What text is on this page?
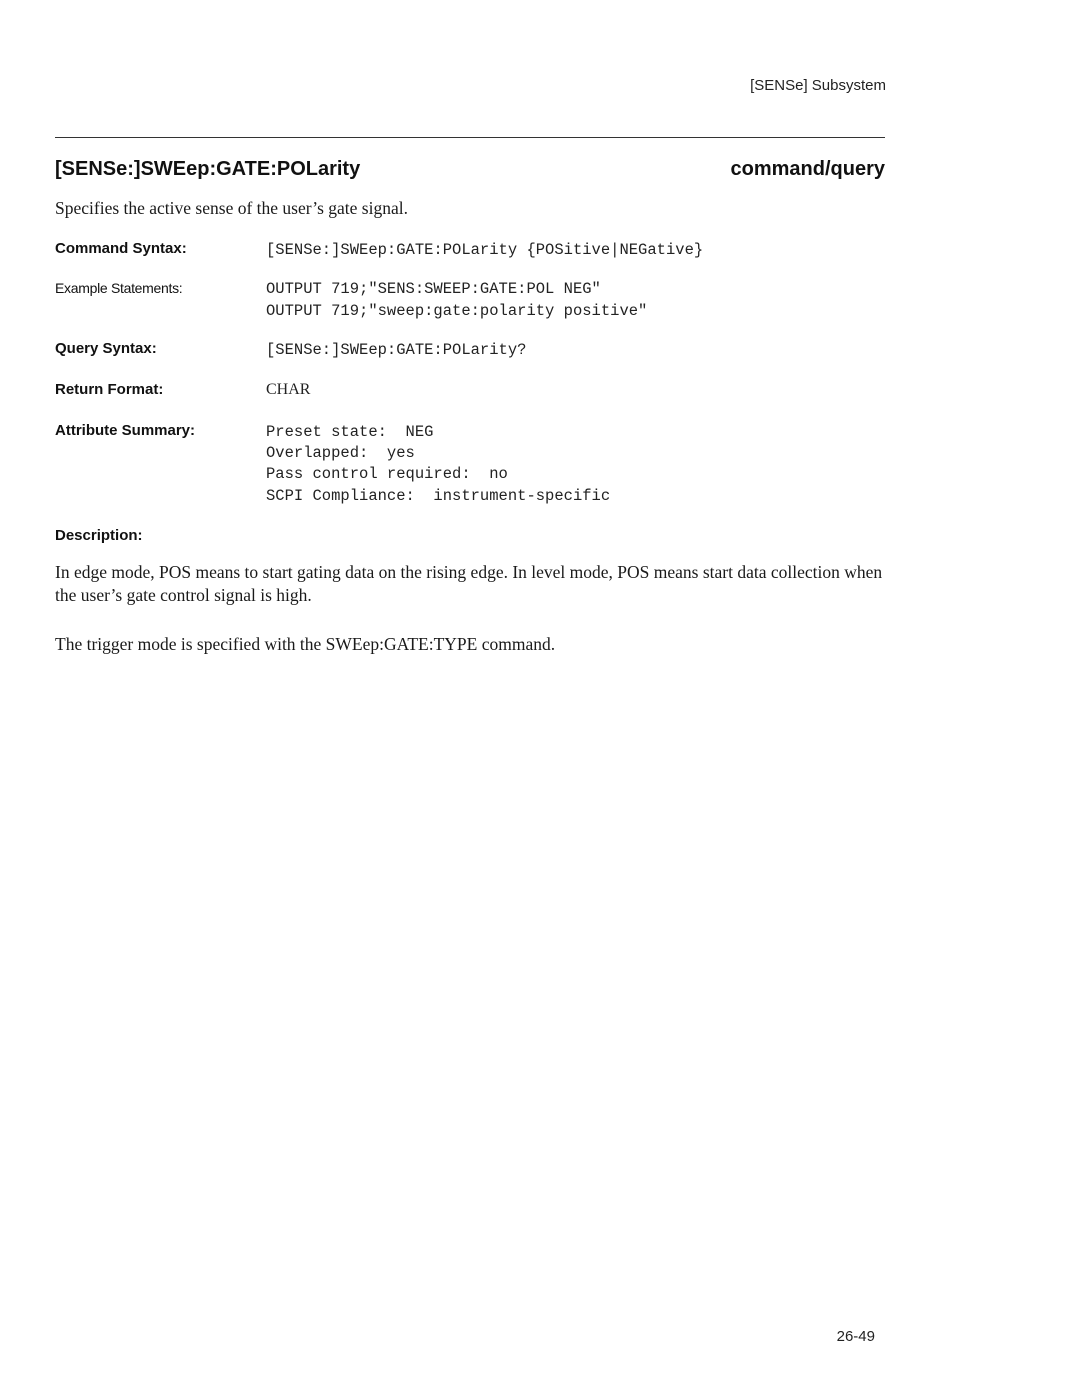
[SENSe] Subsystem
[SENSe:]SWEep:GATE:POLarity	command/query
Specifies the active sense of the user’s gate signal.
Command Syntax:	[SENSe:]SWEep:GATE:POLarity {POSitive|NEGative}
Example Statements:	OUTPUT 719;"SENS:SWEEP:GATE:POL NEG"
OUTPUT 719;"sweep:gate:polarity positive"
Query Syntax:	[SENSe:]SWEep:GATE:POLarity?
Return Format:	CHAR
Attribute Summary:	Preset state:  NEG
Overlapped:  yes
Pass control required:  no
SCPI Compliance:  instrument-specific
Description:
In edge mode, POS means to start gating data on the rising edge. In level mode, POS means start data collection when the user’s gate control signal is high.
The trigger mode is specified with the SWEep:GATE:TYPE command.
26-49
